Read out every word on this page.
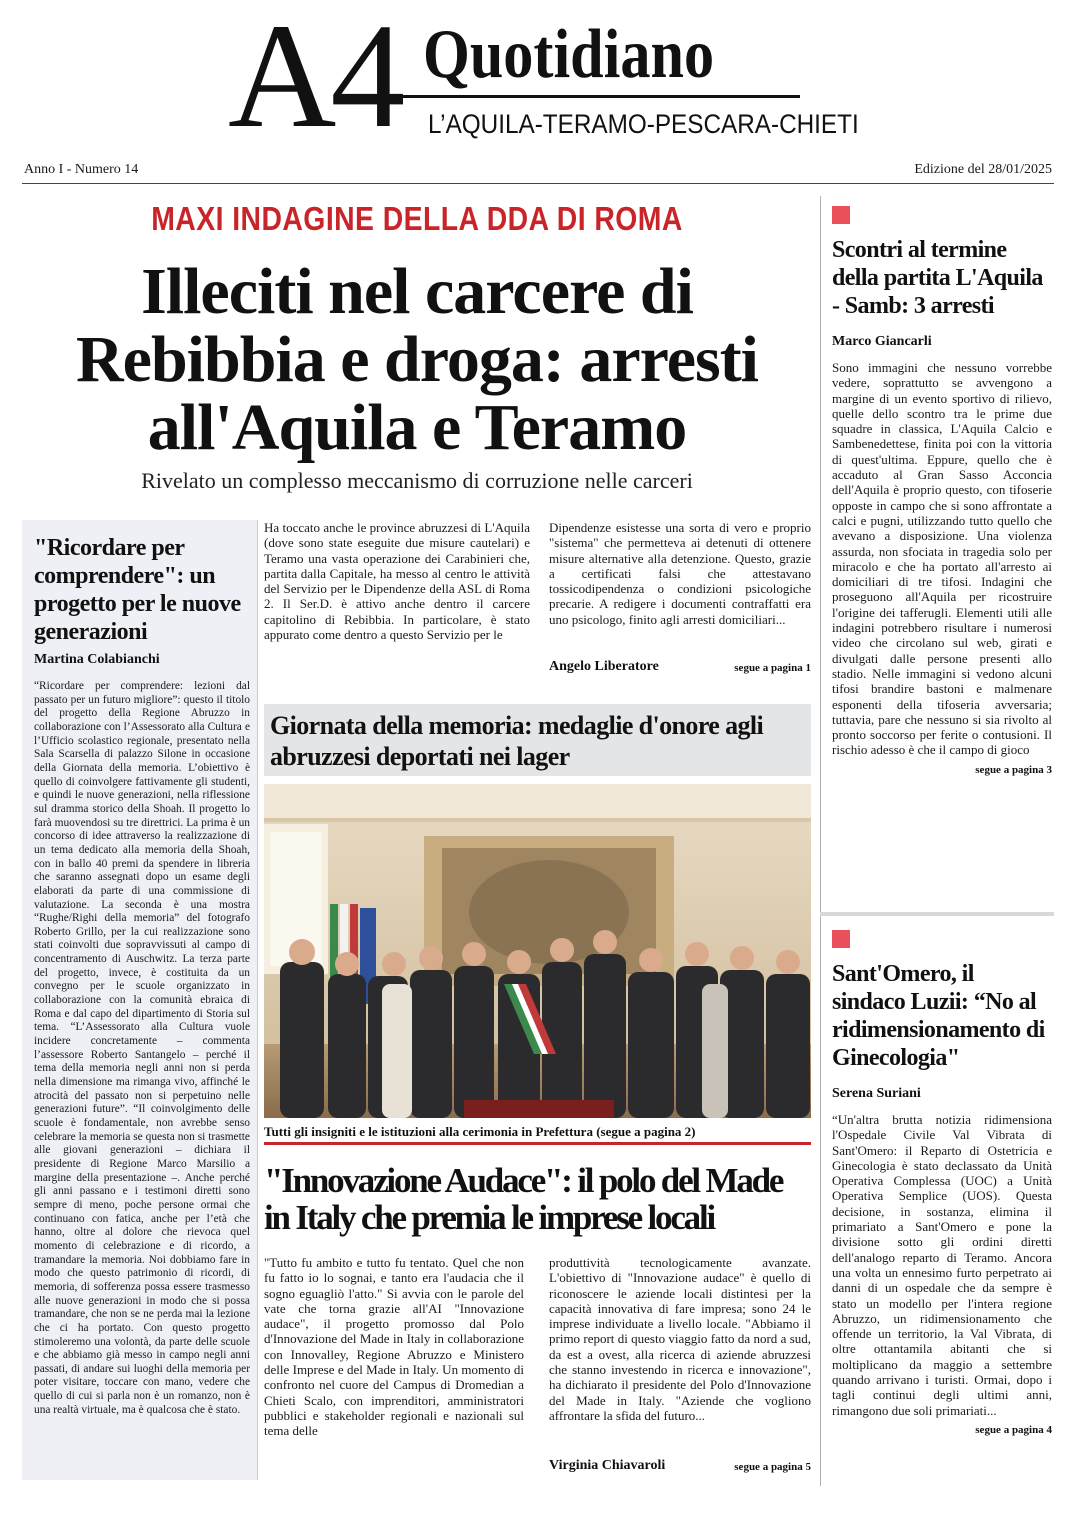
A4 Quotidiano
L’AQUILA-TERAMO-PESCARA-CHIETI
Anno I - Numero 14	Edizione del 28/01/2025
MAXI INDAGINE DELLA DDA DI ROMA
Illeciti nel carcere di Rebibbia e droga: arresti all'Aquila e Teramo
Rivelato un complesso meccanismo di corruzione nelle carceri
Ha toccato anche le province abruzzesi di L'Aquila (dove sono state eseguite due misure cautelari) e Teramo una vasta operazione dei Carabinieri che, partita dalla Capitale, ha messo al centro le attività del Servizio per le Dipendenze della ASL di Roma 2. Il Ser.D. è attivo anche dentro il carcere capitolino di Rebibbia. In particolare, è stato appurato come dentro a questo Servizio per le
Dipendenze esistesse una sorta di vero e proprio "sistema" che permetteva ai detenuti di ottenere misure alternative alla detenzione. Questo, grazie a certificati falsi che attestavano tossicodipendenza o condizioni psicologiche precarie. A redigere i documenti contraffatti era uno psicologo, finito agli arresti domiciliari...
Angelo Liberatore	segue a pagina 1
"Ricordare per comprendere": un progetto per le nuove generazioni
Martina Colabianchi
“Ricordare per comprendere: lezioni dal passato per un futuro migliore”: questo il titolo del progetto della Regione Abruzzo in collaborazione con l’Assessorato alla Cultura e l’Ufficio scolastico regionale, presentato nella Sala Scarsella di palazzo Silone in occasione della Giornata della memoria. L’obiettivo è quello di coinvolgere fattivamente gli studenti, e quindi le nuove generazioni, nella riflessione sul dramma storico della Shoah. Il progetto lo farà muovendosi su tre direttrici. La prima è un concorso di idee attraverso la realizzazione di un tema dedicato alla memoria della Shoah, con in ballo 40 premi da spendere in libreria che saranno assegnati dopo un esame degli elaborati da parte di una commissione di valutazione. La seconda è una mostra “Rughe/Righi della memoria” del fotografo Roberto Grillo, per la cui realizzazione sono stati coinvolti due sopravvissuti al campo di concentramento di Auschwitz. La terza parte del progetto, invece, è costituita da un convegno per le scuole organizzato in collaborazione con la comunità ebraica di Roma e dal capo del dipartimento di Storia sul tema. “L’Assessorato alla Cultura vuole incidere concretamente – commenta l’assessore Roberto Santangelo – perché il tema della memoria negli anni non si perda nella dimensione ma rimanga vivo, affinché le atrocità del passato non si perpetuino nelle generazioni future”. “Il coinvolgimento delle scuole è fondamentale, non avrebbe senso celebrare la memoria se questa non si trasmette alle giovani generazioni – dichiara il presidente di Regione Marco Marsilio a margine della presentazione –. Anche perché gli anni passano e i testimoni diretti sono sempre di meno, poche persone ormai che continuano con fatica, anche per l’età che hanno, oltre al dolore che rievoca quel momento di celebrazione e di ricordo, a tramandare la memoria. Noi dobbiamo fare in modo che questo patrimonio di ricordi, di memoria, di sofferenza possa essere trasmesso alle nuove generazioni in modo che si possa tramandare, che non se ne perda mai la lezione che ci ha portato. Con questo progetto stimoleremo una volontà, da parte delle scuole e che abbiamo già messo in campo negli anni passati, di andare sui luoghi della memoria per poter visitare, toccare con mano, vedere che quello di cui si parla non è un romanzo, non è una realtà virtuale, ma è qualcosa che è stato.
Giornata della memoria: medaglie d'onore agli abruzzesi deportati nei lager
Tutti gli insigniti e le istituzioni alla cerimonia in Prefettura (segue a pagina 2)
"Innovazione Audace": il polo del Made in Italy che premia le imprese locali
"Tutto fu ambito e tutto fu tentato. Quel che non fu fatto io lo sognai, e tanto era l'audacia che il sogno eguagliò l'atto." Si avvia con le parole del vate che torna grazie all'AI "Innovazione audace", il progetto promosso dal Polo d'Innovazione del Made in Italy in collaborazione con Innovalley, Regione Abruzzo e Ministero delle Imprese e del Made in Italy. Un momento di confronto nel cuore del Campus di Dromedian a Chieti Scalo, con imprenditori, amministratori pubblici e stakeholder regionali e nazionali sul tema delle
produttività tecnologicamente avanzate. L'obiettivo di "Innovazione audace" è quello di riconoscere le aziende locali distintesi per la capacità innovativa di fare impresa; sono 24 le imprese individuate a livello locale. "Abbiamo il primo report di questo viaggio fatto da nord a sud, da est a ovest, alla ricerca di aziende abruzzesi che stanno investendo in ricerca e innovazione", ha dichiarato il presidente del Polo d'Innovazione del Made in Italy. "Aziende che vogliono affrontare la sfida del futuro...
Virginia Chiavaroli	segue a pagina 5
Scontri al termine della partita L'Aquila - Samb: 3 arresti
Marco Giancarli
Sono immagini che nessuno vorrebbe vedere, soprattutto se avvengono a margine di un evento sportivo di rilievo, quelle dello scontro tra le prime due squadre in classica, L'Aquila Calcio e Sambenedettese, finita poi con la vittoria di quest'ultima. Eppure, quello che è accaduto al Gran Sasso Acconcia dell'Aquila è proprio questo, con tifoserie opposte in campo che si sono affrontate a calci e pugni, utilizzando tutto quello che avevano a disposizione. Una violenza assurda, non sfociata in tragedia solo per miracolo e che ha portato all'arresto ai domiciliari di tre tifosi. Indagini che proseguono all'Aquila per ricostruire l'origine dei tafferugli. Elementi utili alle indagini potrebbero risultare i numerosi video che circolano sul web, girati e divulgati dalle persone presenti allo stadio. Nelle immagini si vedono alcuni tifosi brandire bastoni e malmenare esponenti della tifoseria avversaria; tuttavia, pare che nessuno si sia rivolto al pronto soccorso per ferite o contusioni. Il rischio adesso è che il campo di gioco
segue a pagina 3
Sant'Omero, il sindaco Luzii: “No al ridimensionamento di Ginecologia"
Serena Suriani
“Un'altra brutta notizia ridimensiona l'Ospedale Civile Val Vibrata di Sant'Omero: il Reparto di Ostetricia e Ginecologia è stato declassato da Unità Operativa Complessa (UOC) a Unità Operativa Semplice (UOS). Questa decisione, in sostanza, elimina il primariato a Sant'Omero e pone la divisione sotto gli ordini diretti dell'analogo reparto di Teramo. Ancora una volta un ennesimo furto perpetrato ai danni di un ospedale che da sempre è stato un modello per l'intera regione Abruzzo, un ridimensionamento che offende un territorio, la Val Vibrata, di oltre ottantamila abitanti che si moltiplicano da maggio a settembre quando arrivano i turisti. Ormai, dopo i tagli continui degli ultimi anni, rimangono due soli primariati...
segue a pagina 4
